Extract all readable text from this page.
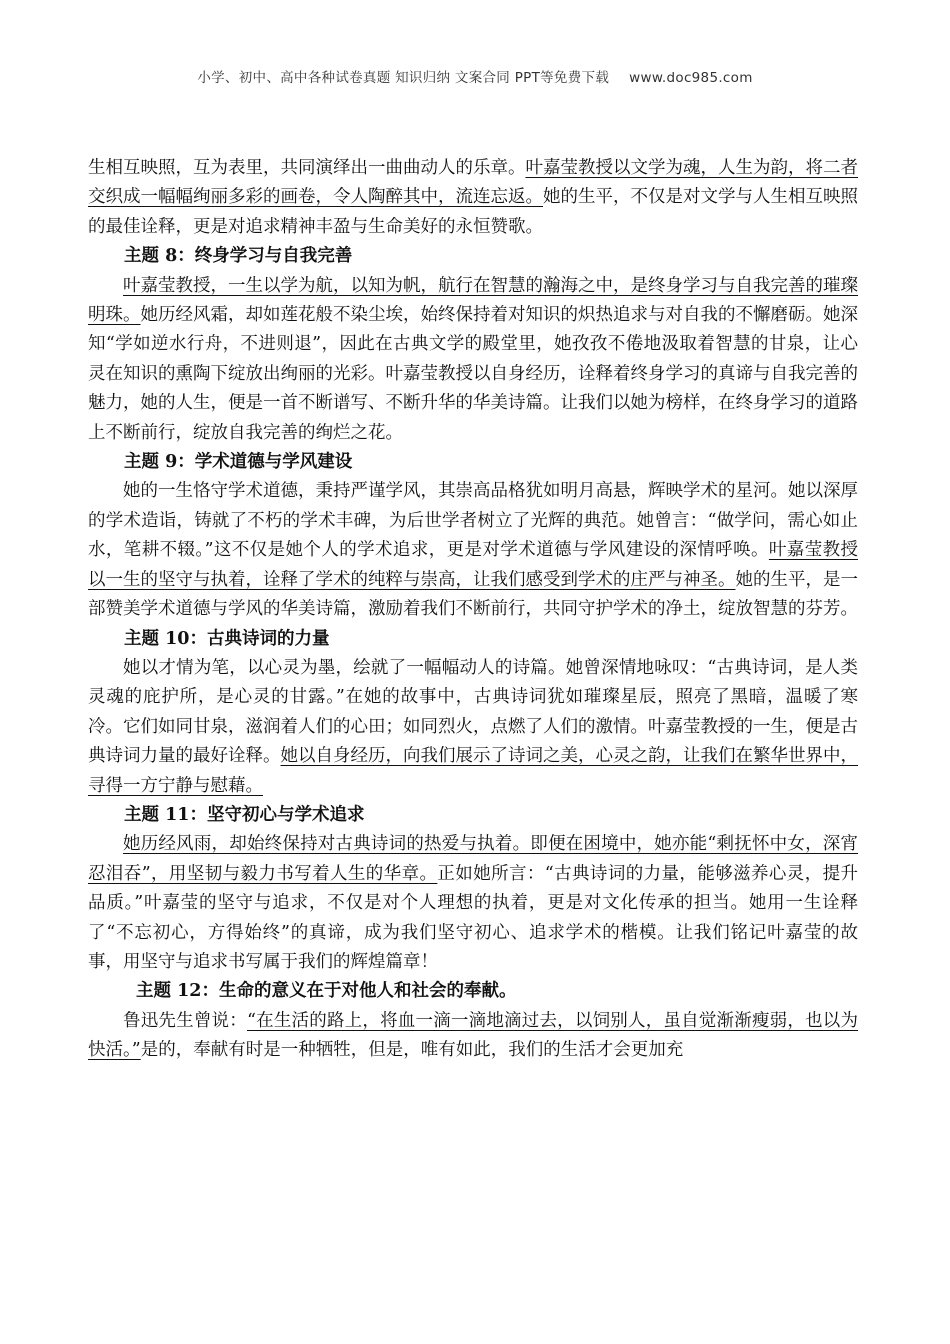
小学、初中、高中各种试卷真题 知识归纳 文案合同 PPT等免费下载 www.doc985.com

生相互映照，互为表里，共同演绎出一曲曲动人的乐章。叶嘉莹教授以文学为魂，人生为韵，将二者交织成一幅幅绚丽多彩的画卷，令人陶醉其中，流连忘返。她的生平，不仅是对文学与人生相互映照的最佳诠释，更是对追求精神丰盈与生命美好的永恒赞歌。

主题 8：终身学习与自我完善

叶嘉莹教授，一生以学为航，以知为帆，航行在智慧的瀚海之中，是终身学习与自我完善的璀璨明珠。她历经风霜，却如莲花般不染尘埃，始终保持着对知识的炽热追求与对自我的不懈磨砺。她深知“学如逆水行舟，不进则退”，因此在古典文学的殿堂里，她孜孜不倦地汲取着智慧的甘泉，让心灵在知识的熏陶下绽放出绚丽的光彩。叶嘉莹教授以自身经历，诠释着终身学习的真谛与自我完善的魅力，她的人生，便是一首不断谱写、不断升华的华美诗篇。让我们以她为榜样，在终身学习的道路上不断前行，绽放自我完善的绚烂之花。

主题 9：学术道德与学风建设

她的一生恪守学术道德，秉持严谨学风，其崇高品格犹如明月高悬，辉映学术的星河。她以深厚的学术造诣，铸就了不朽的学术丰碑，为后世学者树立了光辉的典范。她曾言：“做学问，需心如止水，笔耕不辍。”这不仅是她个人的学术追求，更是对学术道德与学风建设的深情呼唤。叶嘉莹教授以一生的坚守与执着，诠释了学术的纯粹与崇高，让我们感受到学术的庄严与神圣。她的生平，是一部赞美学术道德与学风的华美诗篇，激励着我们不断前行，共同守护学术的净土，绽放智慧的芬芳。

主题 10：古典诗词的力量

她以才情为笔，以心灵为墨，绘就了一幅幅动人的诗篇。她曾深情地咏叹：“古典诗词，是人类灵魂的庇护所，是心灵的甘露。”在她的故事中，古典诗词犹如璀璨星辰，照亮了黑暗，温暖了寒冷。它们如同甘泉，滋润着人们的心田；如同烈火，点燃了人们的激情。叶嘉莹教授的一生，便是古典诗词力量的最好诠释。她以自身经历，向我们展示了诗词之美，心灵之韵，让我们在繁华世界中，寻得一方宁静与慰藉。

主题 11：坚守初心与学术追求

她历经风雨，却始终保持对古典诗词的热爱与执着。即便在困境中，她亦能“剩抚怀中女，深宵忍泪吞”，用坚韧与毅力书写着人生的华章。正如她所言：“古典诗词的力量，能够滋养心灵，提升品质。”叶嘉莹的坚守与追求，不仅是对个人理想的执着，更是对文化传承的担当。她用一生诠释了“不忘初心，方得始终”的真谛，成为我们坚守初心、追求学术的楷模。让我们铭记叶嘉莹的故事，用坚守与追求书写属于我们的辉煌篇章！

主题 12：生命的意义在于对他人和社会的奉献。

鲁迅先生曾说：“在生活的路上，将血一滴一滴地滴过去，以饲别人，虽自觉渐渐瘦弱，也以为快活。”是的，奉献有时是一种牺牲，但是，唯有如此，我们的生活才会更加充
